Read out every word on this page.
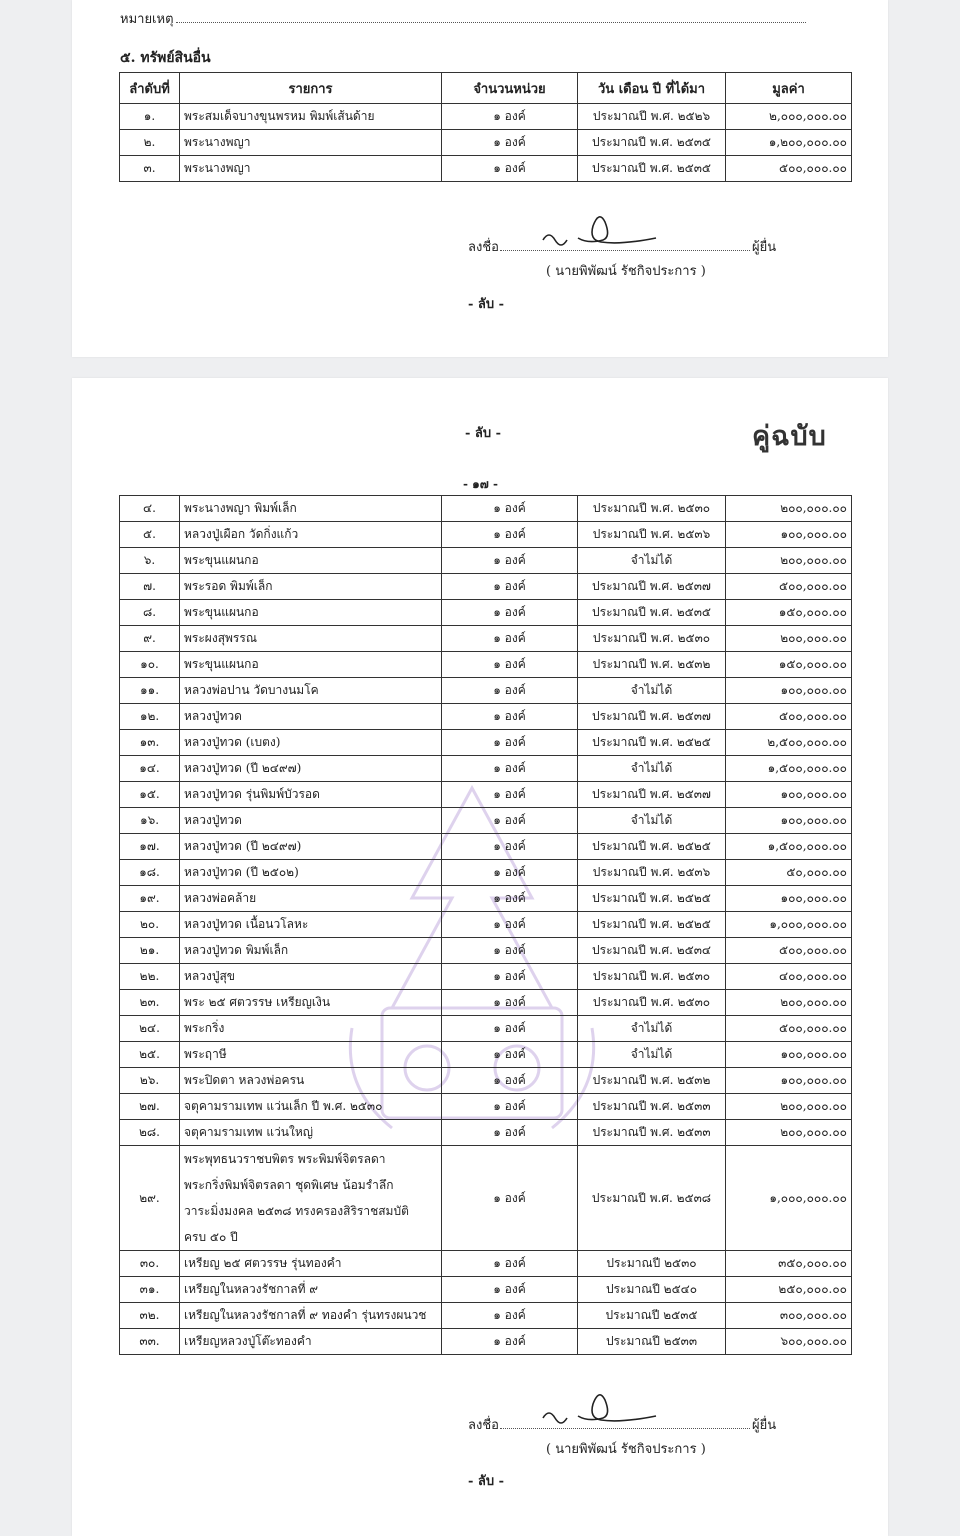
หมายเหตุ
๕. ทรัพย์สินอื่น
ลำดับที่	รายการ	จำนวนหน่วย	วัน เดือน ปี ที่ได้มา	มูลค่า
๑.	พระสมเด็จบางขุนพรหม พิมพ์เส้นด้าย	๑ องค์	ประมาณปี พ.ศ. ๒๕๒๖	๒,๐๐๐,๐๐๐.๐๐
๒.	พระนางพญา	๑ องค์	ประมาณปี พ.ศ. ๒๕๓๕	๑,๒๐๐,๐๐๐.๐๐
๓.	พระนางพญา	๑ องค์	ประมาณปี พ.ศ. ๒๕๓๕	๕๐๐,๐๐๐.๐๐
ลงชื่อ	ผู้ยื่น
( นายพิพัฒน์ รัชกิจประการ )
- ลับ -
- ลับ -	คู่ฉบับ
- ๑๗ -
๔.	พระนางพญา พิมพ์เล็ก	๑ องค์	ประมาณปี พ.ศ. ๒๕๓๐	๒๐๐,๐๐๐.๐๐
๕.	หลวงปู่เผือก วัดกิ่งแก้ว	๑ องค์	ประมาณปี พ.ศ. ๒๕๓๖	๑๐๐,๐๐๐.๐๐
๖.	พระขุนแผนกอ	๑ องค์	จำไม่ได้	๒๐๐,๐๐๐.๐๐
๗.	พระรอด พิมพ์เล็ก	๑ องค์	ประมาณปี พ.ศ. ๒๕๓๗	๕๐๐,๐๐๐.๐๐
๘.	พระขุนแผนกอ	๑ องค์	ประมาณปี พ.ศ. ๒๕๓๕	๑๕๐,๐๐๐.๐๐
๙.	พระผงสุพรรณ	๑ องค์	ประมาณปี พ.ศ. ๒๕๓๐	๒๐๐,๐๐๐.๐๐
๑๐.	พระขุนแผนกอ	๑ องค์	ประมาณปี พ.ศ. ๒๕๓๒	๑๕๐,๐๐๐.๐๐
๑๑.	หลวงพ่อปาน วัดบางนมโค	๑ องค์	จำไม่ได้	๑๐๐,๐๐๐.๐๐
๑๒.	หลวงปู่ทวด	๑ องค์	ประมาณปี พ.ศ. ๒๕๓๗	๕๐๐,๐๐๐.๐๐
๑๓.	หลวงปู่ทวด (เบตง)	๑ องค์	ประมาณปี พ.ศ. ๒๕๒๕	๒,๕๐๐,๐๐๐.๐๐
๑๔.	หลวงปู่ทวด (ปี ๒๔๙๗)	๑ องค์	จำไม่ได้	๑,๕๐๐,๐๐๐.๐๐
๑๕.	หลวงปู่ทวด รุ่นพิมพ์บัวรอด	๑ องค์	ประมาณปี พ.ศ. ๒๕๓๗	๑๐๐,๐๐๐.๐๐
๑๖.	หลวงปู่ทวด	๑ องค์	จำไม่ได้	๑๐๐,๐๐๐.๐๐
๑๗.	หลวงปู่ทวด (ปี ๒๔๙๗)	๑ องค์	ประมาณปี พ.ศ. ๒๕๒๕	๑,๕๐๐,๐๐๐.๐๐
๑๘.	หลวงปู่ทวด (ปี ๒๕๐๒)	๑ องค์	ประมาณปี พ.ศ. ๒๕๓๖	๕๐,๐๐๐.๐๐
๑๙.	หลวงพ่อคล้าย	๑ องค์	ประมาณปี พ.ศ. ๒๕๒๕	๑๐๐,๐๐๐.๐๐
๒๐.	หลวงปู่ทวด เนื้อนวโลหะ	๑ องค์	ประมาณปี พ.ศ. ๒๕๒๕	๑,๐๐๐,๐๐๐.๐๐
๒๑.	หลวงปู่ทวด พิมพ์เล็ก	๑ องค์	ประมาณปี พ.ศ. ๒๕๓๔	๕๐๐,๐๐๐.๐๐
๒๒.	หลวงปู่สุข	๑ องค์	ประมาณปี พ.ศ. ๒๕๓๐	๔๐๐,๐๐๐.๐๐
๒๓.	พระ ๒๕ ศตวรรษ เหรียญเงิน	๑ องค์	ประมาณปี พ.ศ. ๒๕๓๐	๒๐๐,๐๐๐.๐๐
๒๔.	พระกริ่ง	๑ องค์	จำไม่ได้	๕๐๐,๐๐๐.๐๐
๒๕.	พระฤาษี	๑ องค์	จำไม่ได้	๑๐๐,๐๐๐.๐๐
๒๖.	พระปิดตา หลวงพ่อครน	๑ องค์	ประมาณปี พ.ศ. ๒๕๓๒	๑๐๐,๐๐๐.๐๐
๒๗.	จตุคามรามเทพ แว่นเล็ก ปี พ.ศ. ๒๕๓๐	๑ องค์	ประมาณปี พ.ศ. ๒๕๓๓	๒๐๐,๐๐๐.๐๐
๒๘.	จตุคามรามเทพ แว่นใหญ่	๑ องค์	ประมาณปี พ.ศ. ๒๕๓๓	๒๐๐,๐๐๐.๐๐
๒๙.	พระพุทธนวราชบพิตร พระพิมพ์จิตรลดา
พระกริ่งพิมพ์จิตรลดา ชุดพิเศษ น้อมรำลึก
วาระมิ่งมงคล ๒๕๓๘ ทรงครองสิริราชสมบัติ
ครบ ๕๐ ปี	๑ องค์	ประมาณปี พ.ศ. ๒๕๓๘	๑,๐๐๐,๐๐๐.๐๐
๓๐.	เหรียญ ๒๕ ศตวรรษ รุ่นทองคำ	๑ องค์	ประมาณปี ๒๕๓๐	๓๕๐,๐๐๐.๐๐
๓๑.	เหรียญในหลวงรัชกาลที่ ๙	๑ องค์	ประมาณปี ๒๕๔๐	๒๕๐,๐๐๐.๐๐
๓๒.	เหรียญในหลวงรัชกาลที่ ๙ ทองคำ รุ่นทรงผนวช	๑ องค์	ประมาณปี ๒๕๓๕	๓๐๐,๐๐๐.๐๐
๓๓.	เหรียญหลวงปู่โต๊ะทองคำ	๑ องค์	ประมาณปี ๒๕๓๓	๖๐๐,๐๐๐.๐๐
ลงชื่อ	ผู้ยื่น
( นายพิพัฒน์ รัชกิจประการ )
- ลับ -
